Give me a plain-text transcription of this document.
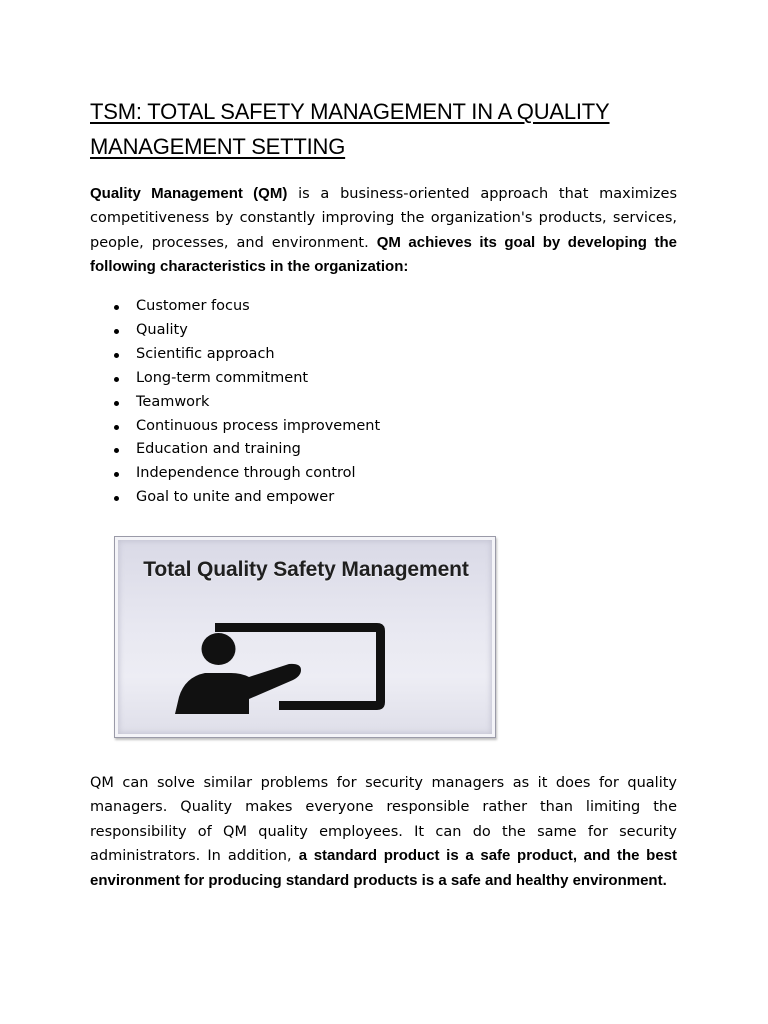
TSM: TOTAL SAFETY MANAGEMENT IN A QUALITY MANAGEMENT SETTING

Quality Management (QM) is a business-oriented approach that maximizes competitiveness by constantly improving the organization's products, services, people, processes, and environment. QM achieves its goal by developing the following characteristics in the organization:

Customer focus
Quality
Scientific approach
Long-term commitment
Teamwork
Continuous process improvement
Education and training
Independence through control
Goal to unite and empower
Total Quality Safety Management

QM can solve similar problems for security managers as it does for quality managers. Quality makes everyone responsible rather than limiting the responsibility of QM quality employees. It can do the same for security administrators. In addition, a standard product is a safe product, and the best environment for producing standard products is a safe and healthy environment.
